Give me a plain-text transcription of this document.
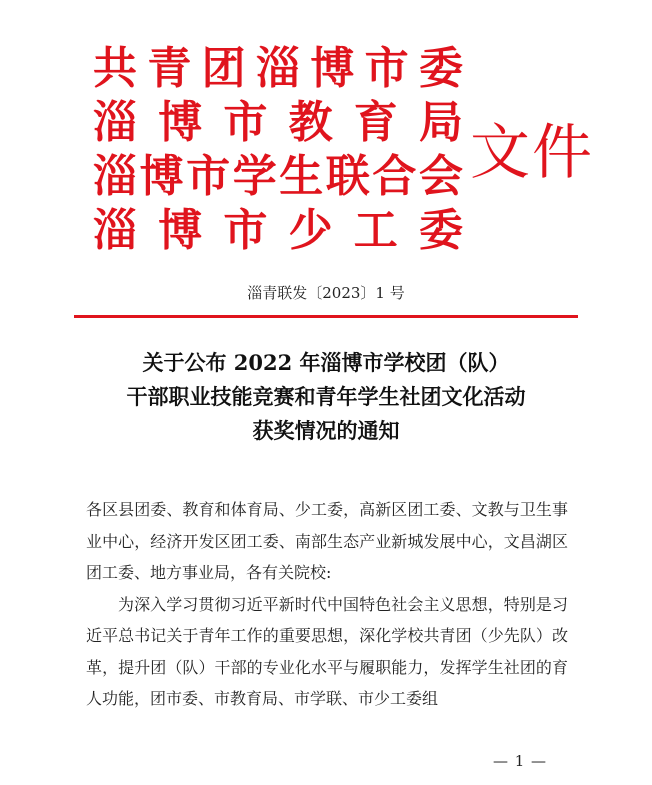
共 青 团 淄 博 市 委
淄 博 市 教 育 局
淄 博 市 学 生 联 合 会
淄 博 市 少 工 委
文件
淄青联发〔2023〕1 号
关于公布 2022 年淄博市学校团（队）
干部职业技能竞赛和青年学生社团文化活动
获奖情况的通知

各区县团委、教育和体育局、少工委，高新区团工委、文教与卫生事业中心，经济开发区团工委、南部生态产业新城发展中心，文昌湖区团工委、地方事业局，各有关院校:

为深入学习贯彻习近平新时代中国特色社会主义思想，特别是习近平总书记关于青年工作的重要思想，深化学校共青团（少先队）改革，提升团（队）干部的专业化水平与履职能力，发挥学生社团的育人功能，团市委、市教育局、市学联、市少工委组

— 1 —
